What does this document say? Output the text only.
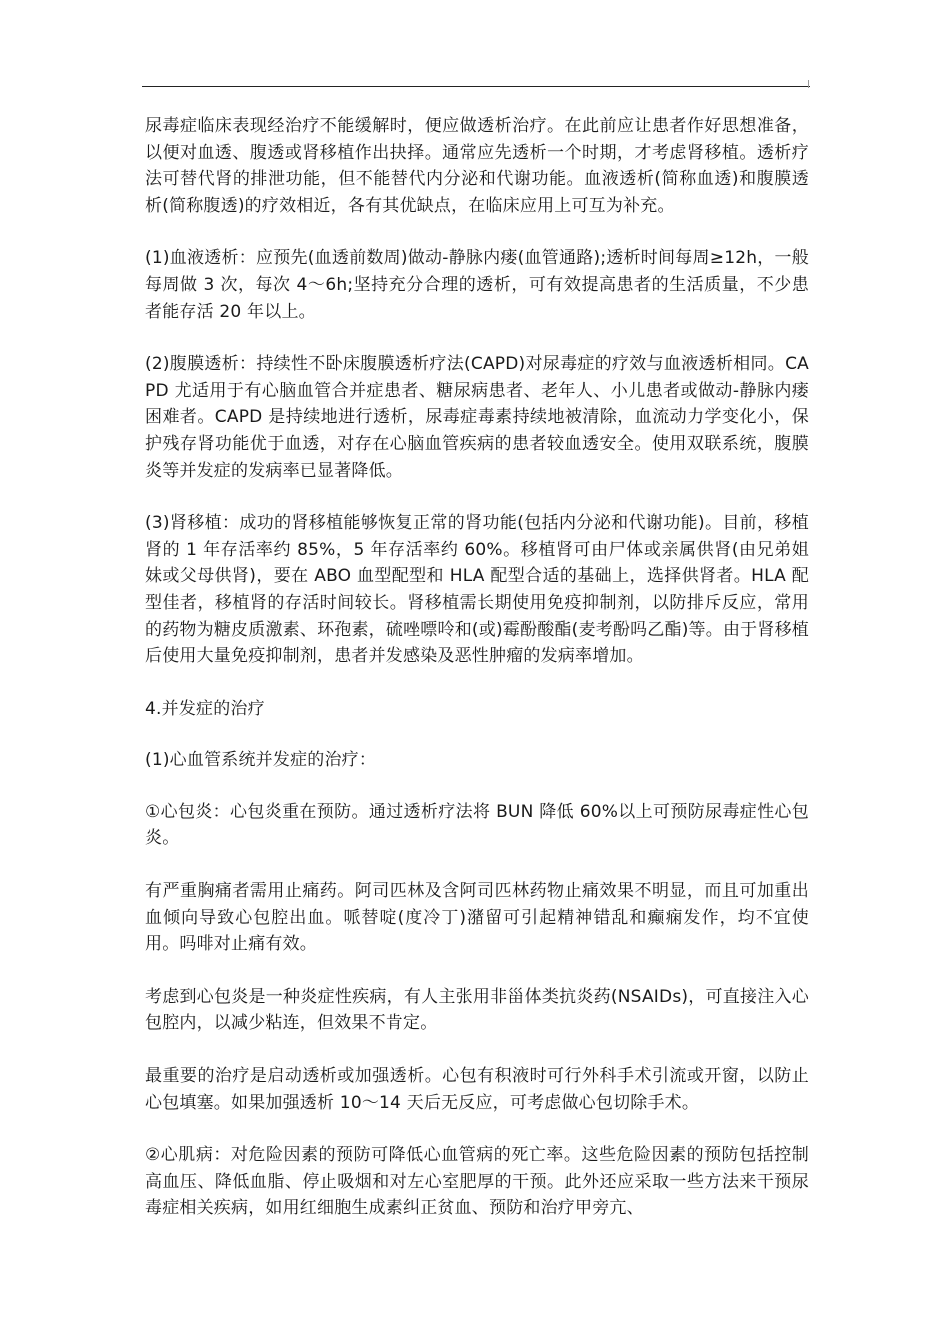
尿毒症临床表现经治疗不能缓解时，便应做透析治疗。在此前应让患者作好思想准备，以便对血透、腹透或肾移植作出抉择。通常应先透析一个时期，才考虑肾移植。透析疗法可替代肾的排泄功能，但不能替代内分泌和代谢功能。血液透析(简称血透)和腹膜透析(简称腹透)的疗效相近，各有其优缺点，在临床应用上可互为补充。

(1)血液透析：应预先(血透前数周)做动-静脉内瘘(血管通路);透析时间每周≥12h，一般每周做 3 次，每次 4～6h;坚持充分合理的透析，可有效提高患者的生活质量，不少患者能存活 20 年以上。

(2)腹膜透析：持续性不卧床腹膜透析疗法(CAPD)对尿毒症的疗效与血液透析相同。CAPD 尤适用于有心脑血管合并症患者、糖尿病患者、老年人、小儿患者或做动-静脉内瘘困难者。CAPD 是持续地进行透析，尿毒症毒素持续地被清除，血流动力学变化小，保护残存肾功能优于血透，对存在心脑血管疾病的患者较血透安全。使用双联系统，腹膜炎等并发症的发病率已显著降低。

(3)肾移植：成功的肾移植能够恢复正常的肾功能(包括内分泌和代谢功能)。目前，移植肾的 1 年存活率约 85%，5 年存活率约 60%。移植肾可由尸体或亲属供肾(由兄弟姐妹或父母供肾)，要在 ABO 血型配型和 HLA 配型合适的基础上，选择供肾者。HLA 配型佳者，移植肾的存活时间较长。肾移植需长期使用免疫抑制剂，以防排斥反应，常用的药物为糖皮质激素、环孢素，硫唑嘌呤和(或)霉酚酸酯(麦考酚吗乙酯)等。由于肾移植后使用大量免疫抑制剂，患者并发感染及恶性肿瘤的发病率增加。

4.并发症的治疗

(1)心血管系统并发症的治疗：

①心包炎：心包炎重在预防。通过透析疗法将 BUN 降低 60%以上可预防尿毒症性心包炎。

有严重胸痛者需用止痛药。阿司匹林及含阿司匹林药物止痛效果不明显，而且可加重出血倾向导致心包腔出血。哌替啶(度冷丁)潴留可引起精神错乱和癫痫发作，均不宜使用。吗啡对止痛有效。

考虑到心包炎是一种炎症性疾病，有人主张用非甾体类抗炎药(NSAIDs)，可直接注入心包腔内，以减少粘连，但效果不肯定。

最重要的治疗是启动透析或加强透析。心包有积液时可行外科手术引流或开窗，以防止心包填塞。如果加强透析 10～14 天后无反应，可考虑做心包切除手术。

②心肌病：对危险因素的预防可降低心血管病的死亡率。这些危险因素的预防包括控制高血压、降低血脂、停止吸烟和对左心室肥厚的干预。此外还应采取一些方法来干预尿毒症相关疾病，如用红细胞生成素纠正贫血、预防和治疗甲旁亢、
